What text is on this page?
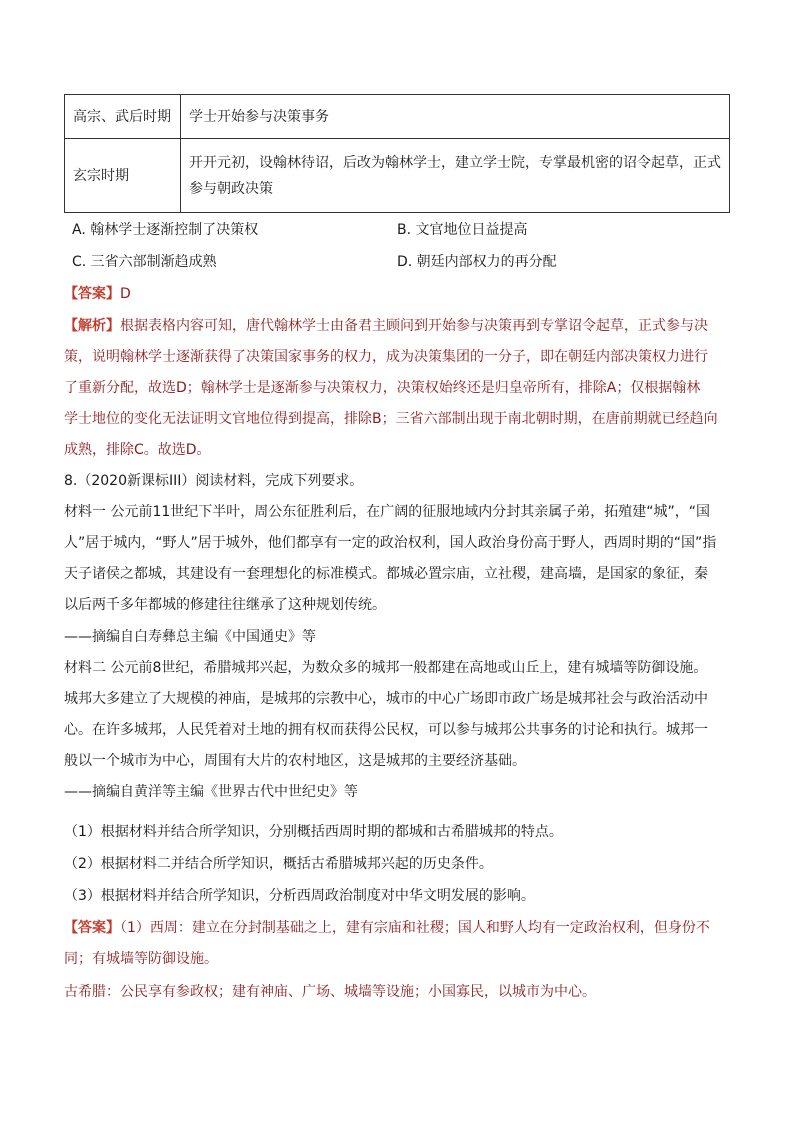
高宗、武后时期	学士开始参与决策事务

玄宗时期	开开元初，设翰林待诏，后改为翰林学士，建立学士院，专掌最机密的诏令起草，正式
参与朝政决策
A. 翰林学士逐渐控制了决策权	B. 文官地位日益提高
C. 三省六部制渐趋成熟	D. 朝廷内部权力的再分配
【答案】D
【解析】根据表格内容可知，唐代翰林学士由备君主顾问到开始参与决策再到专掌诏令起草，正式参与决
策，说明翰林学士逐渐获得了决策国家事务的权力，成为决策集团的一分子，即在朝廷内部决策权力进行
了重新分配，故选D；翰林学士是逐渐参与决策权力，决策权始终还是归皇帝所有，排除A；仅根据翰林
学士地位的变化无法证明文官地位得到提高，排除B；三省六部制出现于南北朝时期，在唐前期就已经趋向
成熟，排除C。故选D。
8.（2020新课标III）阅读材料，完成下列要求。
材料一 公元前11世纪下半叶，周公东征胜利后，在广阔的征服地域内分封其亲属子弟，拓殖建“城”，“国
人”居于城内，“野人”居于城外，他们都享有一定的政治权利，国人政治身份高于野人，西周时期的“国”指
天子诸侯之都城，其建设有一套理想化的标准模式。都城必置宗庙，立社稷，建高墙，是国家的象征，秦
以后两千多年都城的修建往往继承了这种规划传统。
——摘编自白寿彝总主编《中国通史》等
材料二 公元前8世纪，希腊城邦兴起，为数众多的城邦一般都建在高地或山丘上，建有城墙等防御设施。
城邦大多建立了大规模的神庙，是城邦的宗教中心，城市的中心广场即市政广场是城邦社会与政治活动中
心。在许多城邦，人民凭着对土地的拥有权而获得公民权，可以参与城邦公共事务的讨论和执行。城邦一
般以一个城市为中心，周围有大片的农村地区，这是城邦的主要经济基础。
——摘编自黄洋等主编《世界古代中世纪史》等
（1）根据材料并结合所学知识，分别概括西周时期的都城和古希腊城邦的特点。
（2）根据材料二并结合所学知识，概括古希腊城邦兴起的历史条件。
（3）根据材料并结合所学知识，分析西周政治制度对中华文明发展的影响。
【答案】（1）西周：建立在分封制基础之上，建有宗庙和社稷；国人和野人均有一定政治权利，但身份不
同；有城墙等防御设施。
古希腊：公民享有参政权；建有神庙、广场、城墙等设施；小国寡民，以城市为中心。
